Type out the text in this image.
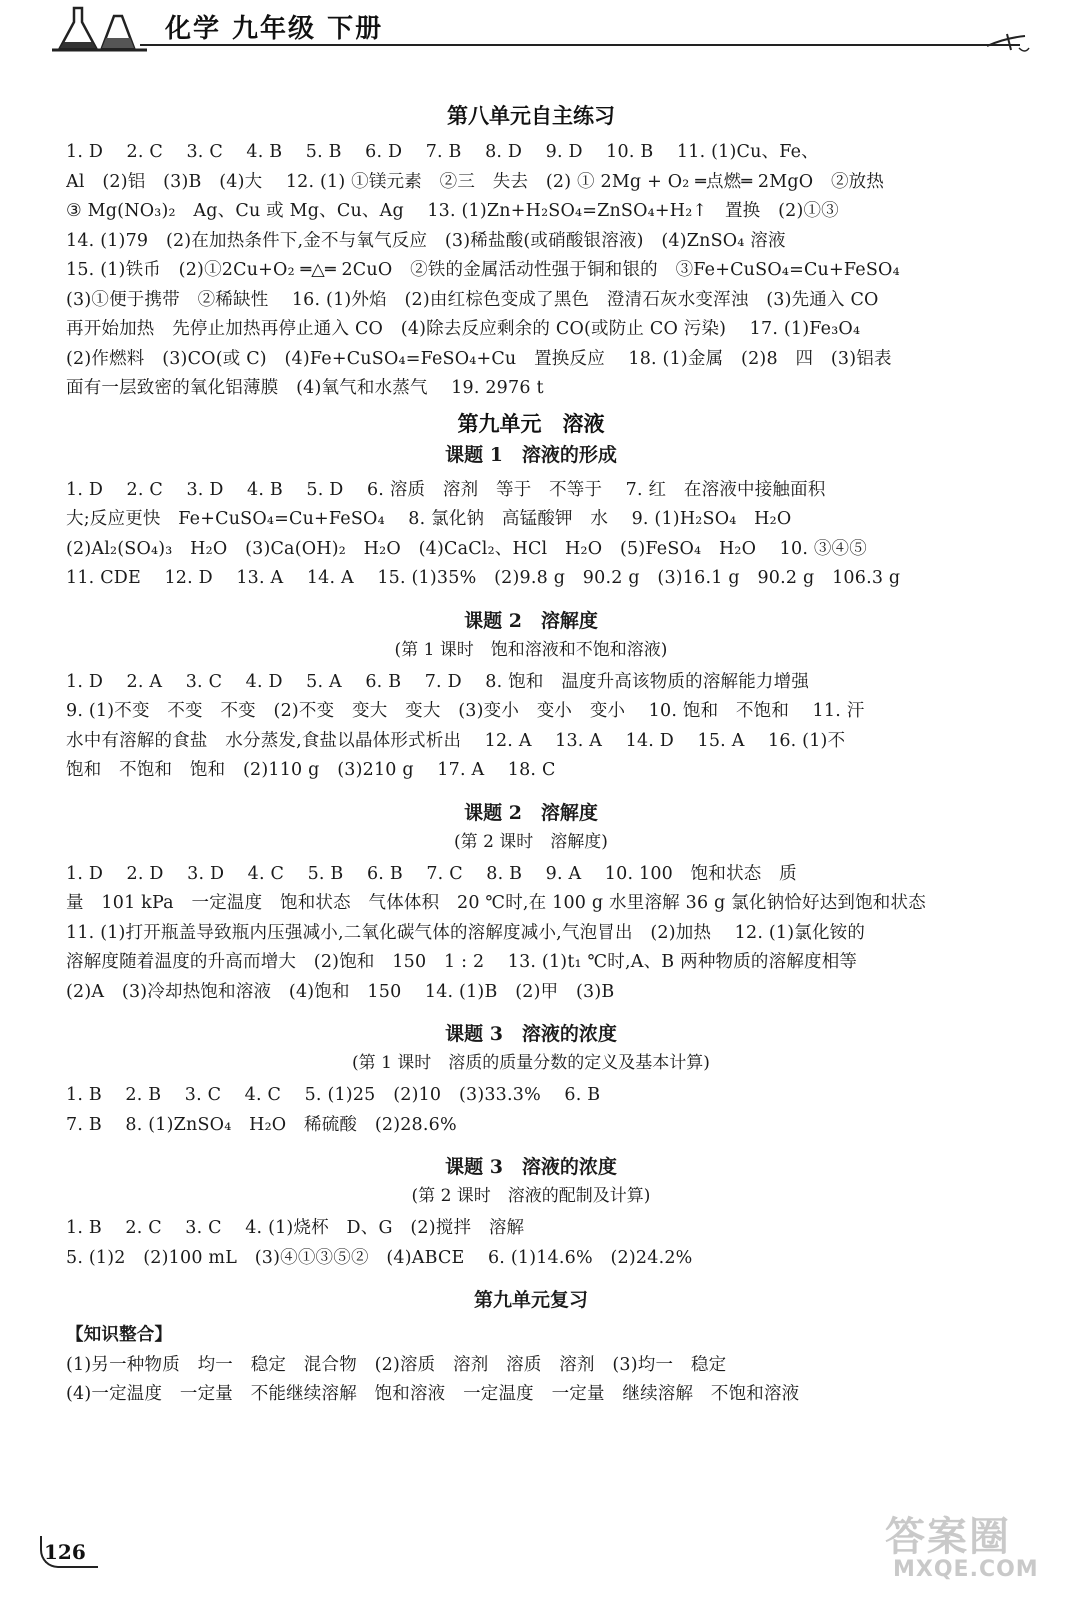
化学 九年级 下册

第八单元自主练习

1. D　 2. C　 3. C　 4. B　 5. B　 6. D　 7. B　 8. D　 9. D　 10. B　 11. (1)Cu、Fe、

Al　(2)铝　(3)B　(4)大　 12. (1) ①镁元素　②三　失去　(2) ① 2Mg + O₂ ═点燃═ 2MgO　②放热

③ Mg(NO₃)₂　Ag、Cu 或 Mg、Cu、Ag　 13. (1)Zn+H₂SO₄=ZnSO₄+H₂↑　置换　(2)①③

14. (1)79　(2)在加热条件下,金不与氧气反应　(3)稀盐酸(或硝酸银溶液)　(4)ZnSO₄ 溶液

15. (1)铁币　(2)①2Cu+O₂ ═△═ 2CuO　②铁的金属活动性强于铜和银的　③Fe+CuSO₄=Cu+FeSO₄

(3)①便于携带　②稀缺性　 16. (1)外焰　(2)由红棕色变成了黑色　澄清石灰水变浑浊　(3)先通入 CO

再开始加热　先停止加热再停止通入 CO　(4)除去反应剩余的 CO(或防止 CO 污染)　 17. (1)Fe₃O₄

(2)作燃料　(3)CO(或 C)　(4)Fe+CuSO₄=FeSO₄+Cu　置换反应　 18. (1)金属　(2)8　四　(3)铝表

面有一层致密的氧化铝薄膜　(4)氧气和水蒸气　 19. 2976 t

第九单元　溶液

课题 1　溶液的形成

1. D　 2. C　 3. D　 4. B　 5. D　 6. 溶质　溶剂　等于　不等于　 7. 红　在溶液中接触面积

大;反应更快　Fe+CuSO₄=Cu+FeSO₄　 8. 氯化钠　高锰酸钾　水　 9. (1)H₂SO₄　H₂O

(2)Al₂(SO₄)₃　H₂O　(3)Ca(OH)₂　H₂O　(4)CaCl₂、HCl　H₂O　(5)FeSO₄　H₂O　 10. ③④⑤

11. CDE　 12. D　 13. A　 14. A　 15. (1)35%　(2)9.8 g　90.2 g　(3)16.1 g　90.2 g　106.3 g

课题 2　溶解度

(第 1 课时　饱和溶液和不饱和溶液)

1. D　 2. A　 3. C　 4. D　 5. A　 6. B　 7. D　 8. 饱和　温度升高该物质的溶解能力增强

9. (1)不变　不变　不变　(2)不变　变大　变大　(3)变小　变小　变小　 10. 饱和　不饱和　 11. 汗

水中有溶解的食盐　水分蒸发,食盐以晶体形式析出　 12. A　 13. A　 14. D　 15. A　 16. (1)不

饱和　不饱和　饱和　(2)110 g　(3)210 g　 17. A　 18. C

课题 2　溶解度

(第 2 课时　溶解度)

1. D　 2. D　 3. D　 4. C　 5. B　 6. B　 7. C　 8. B　 9. A　 10. 100　饱和状态　质

量　101 kPa　一定温度　饱和状态　气体体积　20 ℃时,在 100 g 水里溶解 36 g 氯化钠恰好达到饱和状态

11. (1)打开瓶盖导致瓶内压强减小,二氧化碳气体的溶解度减小,气泡冒出　(2)加热　 12. (1)氯化铵的

溶解度随着温度的升高而增大　(2)饱和　150　1 : 2　 13. (1)t₁ ℃时,A、B 两种物质的溶解度相等

(2)A　(3)冷却热饱和溶液　(4)饱和　150　 14. (1)B　(2)甲　(3)B

课题 3　溶液的浓度

(第 1 课时　溶质的质量分数的定义及基本计算)

1. B　 2. B　 3. C　 4. C　 5. (1)25　(2)10　(3)33.3%　 6. B

7. B　 8. (1)ZnSO₄　H₂O　稀硫酸　(2)28.6%

课题 3　溶液的浓度

(第 2 课时　溶液的配制及计算)

1. B　 2. C　 3. C　 4. (1)烧杯　D、G　(2)搅拌　溶解

5. (1)2　(2)100 mL　(3)④①③⑤②　(4)ABCE　 6. (1)14.6%　(2)24.2%

第九单元复习

【知识整合】

(1)另一种物质　均一　稳定　混合物　(2)溶质　溶剂　溶质　溶剂　(3)均一　稳定

(4)一定温度　一定量　不能继续溶解　饱和溶液　一定温度　一定量　继续溶解　不饱和溶液

126	答案圈
MXQE.COM
